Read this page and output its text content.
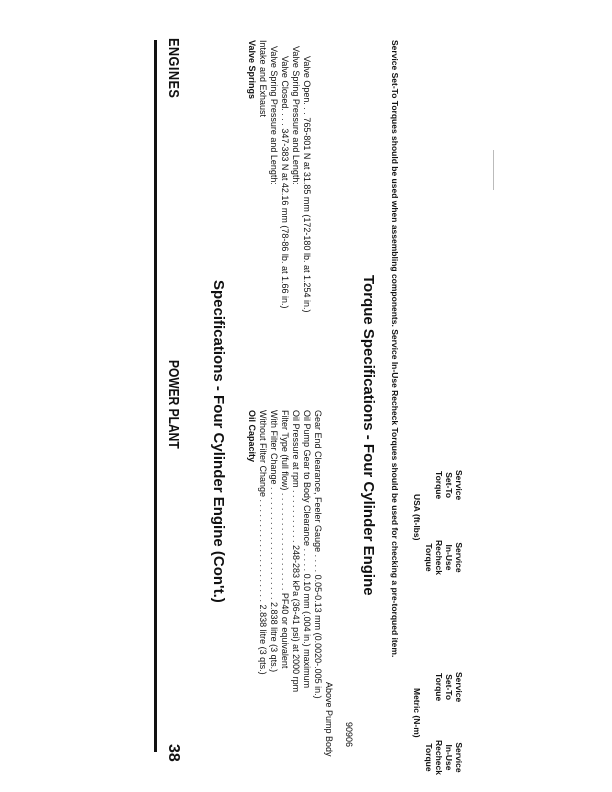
ENGINES
POWER PLANT
38
Specifications - Four Cylinder Engine (Con't.)
Valve Springs Intake and Exhaust Valve Spring Pressure and Length: Valve Closed. . . . 347-383 N at 42.16 mm (78-86 lb. at 1.66 in.) Valve Spring Pressure and Length: Valve Open. . . 765-801 N at 31.85 mm (172-180 lb. at 1.254 in.)
Oil Capacity Without Filter Change . . . . . . . . . . . . . . . . . . . . . 2.838 litre (3 qts.) With Filter Change . . . . . . . . . . . . . . . . . . . . . . . 2.838 litre (3 qts.) Filter Type (full flow) . . . . . . . . . . . . . . . . . . . . PF40 or equivalent Oil Pressure at rpm . . . . . . . . . . . 248-283 kPa (36-41 psi) at 2000 rpm Oil Pump Gear to Body Clearance . . . . . 0.10 mm (.004 in.) maximum Gear End Clearance, Feeler Gauge . . . . 0.05-0.13 mm (0.0020-.005 in.)
Above Pump Body 90906
Torque Specifications - Four Cylinder Engine Service Set-To Torques should be used when assembling components. Service In-Use Recheck Torques should be used for checking a pre-torqued item. USA (ft-lbs)
Metric (N-m)
Service
Set-To
Torque
Service
In-Use
Recheck
Torque
Service
Set-To
Torque
Service
In-Use
Recheck
Torque
